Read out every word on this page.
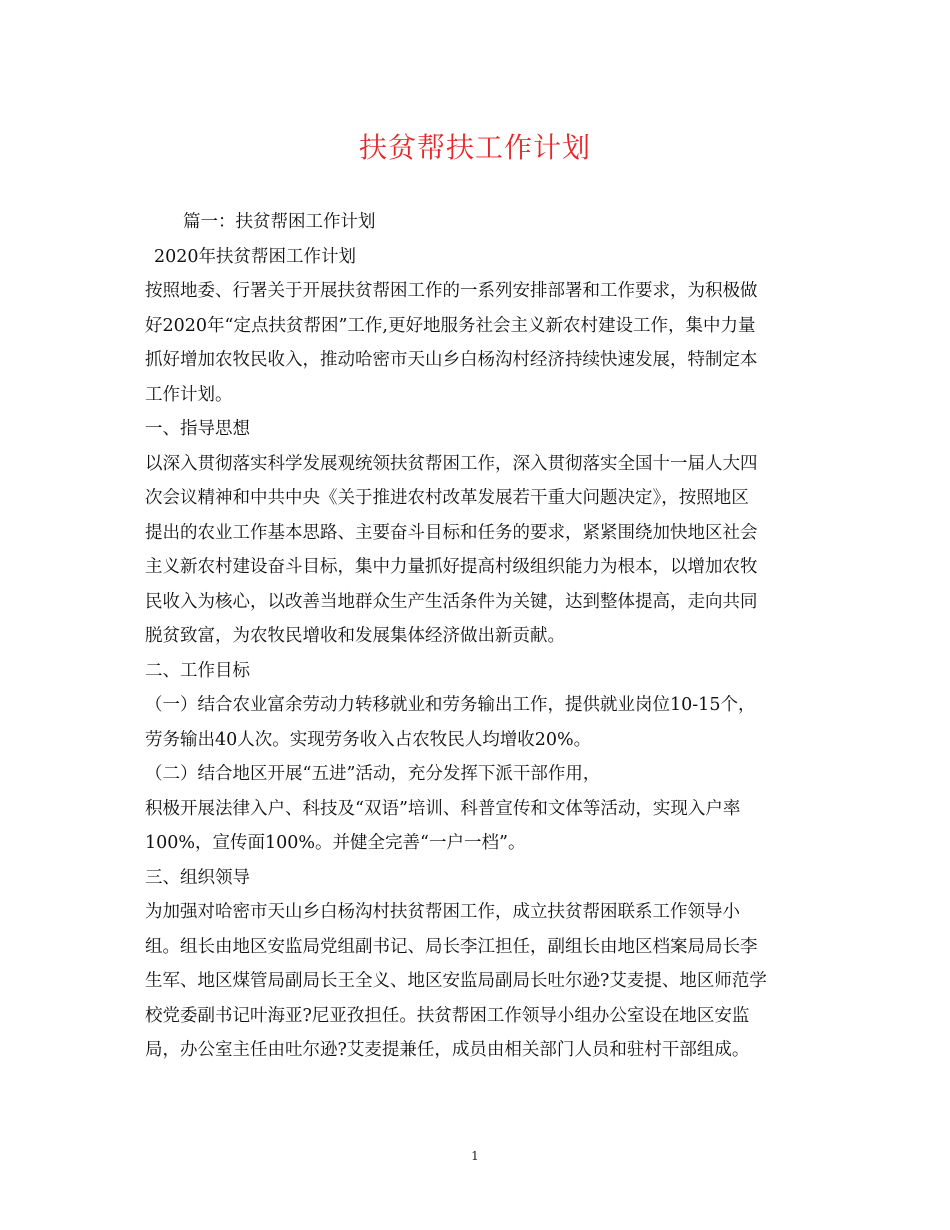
扶贫帮扶工作计划
篇一：扶贫帮困工作计划
2020年扶贫帮困工作计划
按照地委、行署关于开展扶贫帮困工作的一系列安排部署和工作要求，为积极做
好2020年“定点扶贫帮困”工作,更好地服务社会主义新农村建设工作，集中力量
抓好增加农牧民收入，推动哈密市天山乡白杨沟村经济持续快速发展，特制定本
工作计划。
一、指导思想
以深入贯彻落实科学发展观统领扶贫帮困工作，深入贯彻落实全国十一届人大四
次会议精神和中共中央《关于推进农村改革发展若干重大问题决定》，按照地区
提出的农业工作基本思路、主要奋斗目标和任务的要求，紧紧围绕加快地区社会
主义新农村建设奋斗目标，集中力量抓好提高村级组织能力为根本，以增加农牧
民收入为核心，以改善当地群众生产生活条件为关键，达到整体提高，走向共同
脱贫致富，为农牧民增收和发展集体经济做出新贡献。
二、工作目标
（一）结合农业富余劳动力转移就业和劳务输出工作，提供就业岗位10-15个，
劳务输出40人次。实现劳务收入占农牧民人均增收20%。
（二）结合地区开展“五进”活动，充分发挥下派干部作用，
积极开展法律入户、科技及“双语”培训、科普宣传和文体等活动，实现入户率
100%，宣传面100%。并健全完善“一户一档”。
三、组织领导
为加强对哈密市天山乡白杨沟村扶贫帮困工作，成立扶贫帮困联系工作领导小
组。组长由地区安监局党组副书记、局长李江担任，副组长由地区档案局局长李
生军、地区煤管局副局长王全义、地区安监局副局长吐尔逊?艾麦提、地区师范学
校党委副书记叶海亚?尼亚孜担任。扶贫帮困工作领导小组办公室设在地区安监
局，办公室主任由吐尔逊?艾麦提兼任，成员由相关部门人员和驻村干部组成。
1
